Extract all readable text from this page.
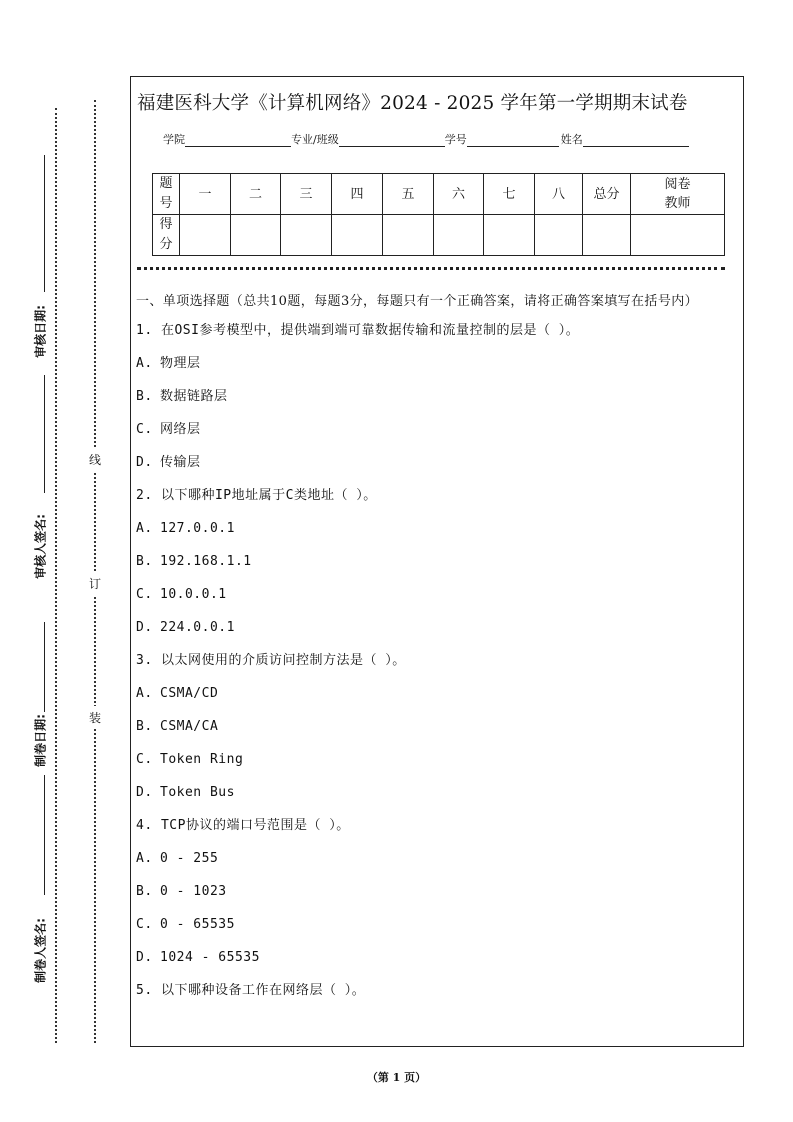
审核日期:
审核人签名:
制卷日期:
制卷人签名:
线
订
装
福建医科大学《计算机网络》2024 - 2025 学年第一学期期末试卷
学院	专业/班级	学号	姓名
题号	一	二	三	四	五	六	七	八	总分	阅卷教师
得分										
一、单项选择题（总共10题，每题3分，每题只有一个正确答案，请将正确答案填写在括号内）
1. 在OSI参考模型中，提供端到端可靠数据传输和流量控制的层是（ ）。
A. 物理层
B. 数据链路层
C. 网络层
D. 传输层
2. 以下哪种IP地址属于C类地址（ ）。
A. 127.0.0.1
B. 192.168.1.1
C. 10.0.0.1
D. 224.0.0.1
3. 以太网使用的介质访问控制方法是（ ）。
A. CSMA/CD
B. CSMA/CA
C. Token Ring
D. Token Bus
4. TCP协议的端口号范围是（ ）。
A. 0 - 255
B. 0 - 1023
C. 0 - 65535
D. 1024 - 65535
5. 以下哪种设备工作在网络层（ ）。
（第 1 页）
